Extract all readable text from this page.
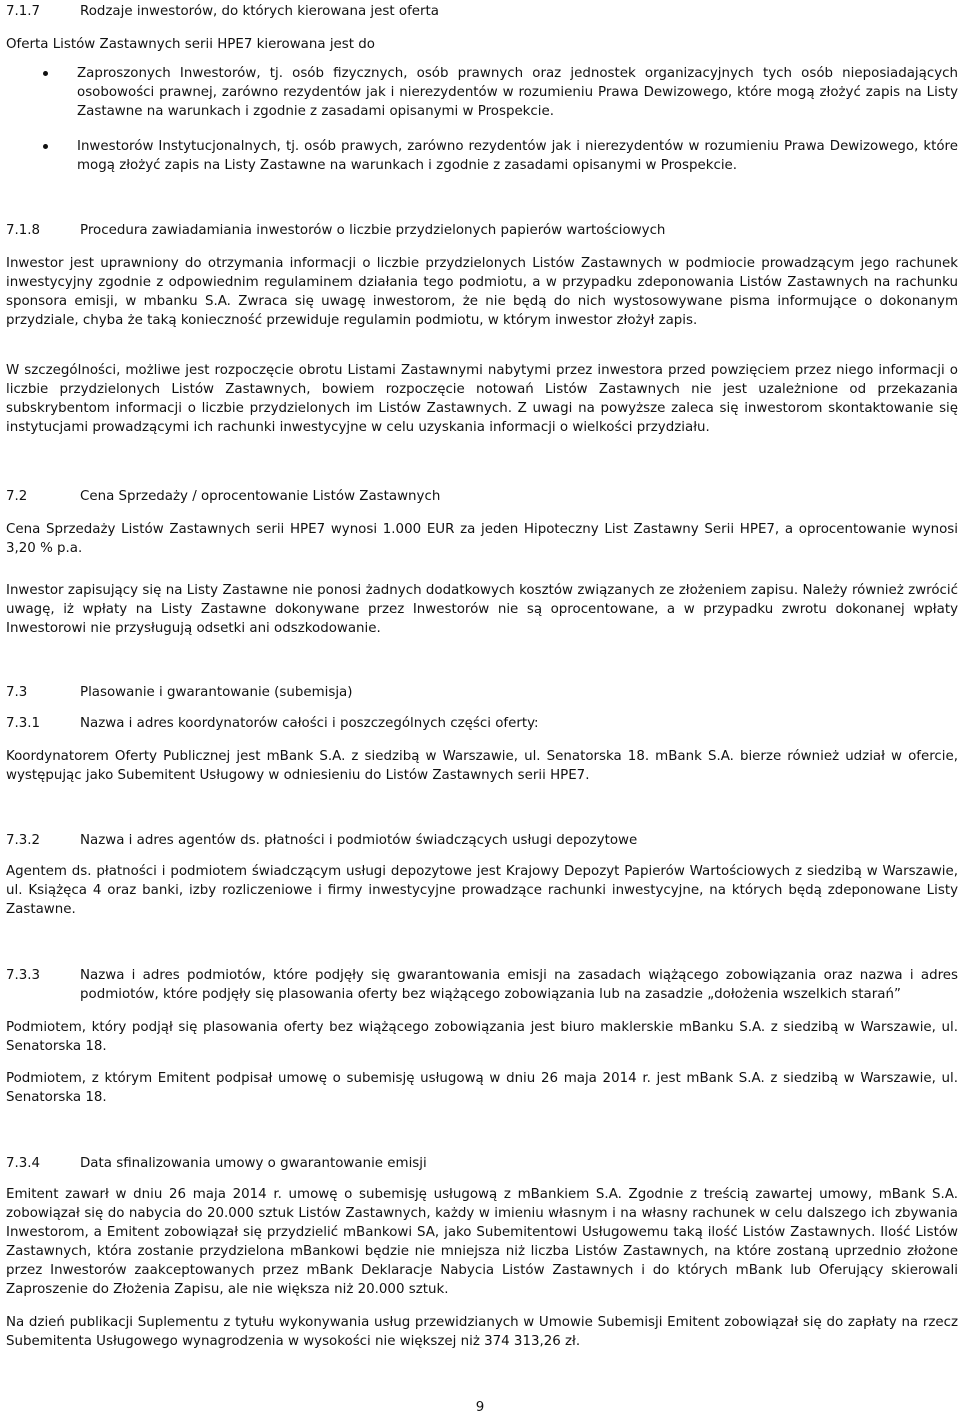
7.1.7	Rodzaje inwestorów, do których kierowana jest oferta

Oferta Listów Zastawnych serii HPE7 kierowana jest do

Zaproszonych Inwestorów, tj. osób fizycznych, osób prawnych oraz jednostek organizacyjnych tych osób nieposiadających osobowości prawnej, zarówno rezydentów jak i nierezydentów w rozumieniu Prawa Dewizowego, które mogą złożyć zapis na Listy Zastawne na warunkach i zgodnie z zasadami opisanymi w Prospekcie.
Inwestorów Instytucjonalnych, tj. osób prawych, zarówno rezydentów jak i nierezydentów w rozumieniu Prawa Dewizowego, które mogą złożyć zapis na Listy Zastawne na warunkach i zgodnie z zasadami opisanymi w Prospekcie.
7.1.8	Procedura zawiadamiania inwestorów o liczbie przydzielonych papierów wartościowych

Inwestor jest uprawniony do otrzymania informacji o liczbie przydzielonych Listów Zastawnych w podmiocie prowadzącym jego rachunek inwestycyjny zgodnie z odpowiednim regulaminem działania tego podmiotu, a w przypadku zdeponowania Listów Zastawnych na rachunku sponsora emisji, w mbanku S.A. Zwraca się uwagę inwestorom, że nie będą do nich wystosowywane pisma informujące o dokonanym przydziale, chyba że taką konieczność przewiduje regulamin podmiotu, w którym inwestor złożył zapis.

W szczególności, możliwe jest rozpoczęcie obrotu Listami Zastawnymi nabytymi przez inwestora przed powzięciem przez niego informacji o liczbie przydzielonych Listów Zastawnych, bowiem rozpoczęcie notowań Listów Zastawnych nie jest uzależnione od przekazania subskrybentom informacji o liczbie przydzielonych im Listów Zastawnych. Z uwagi na powyższe zaleca się inwestorom skontaktowanie się instytucjami prowadzącymi ich rachunki inwestycyjne w celu uzyskania informacji o wielkości przydziału.

7.2	Cena Sprzedaży / oprocentowanie Listów Zastawnych

Cena Sprzedaży Listów Zastawnych serii HPE7 wynosi 1.000 EUR za jeden Hipoteczny List Zastawny Serii HPE7, a oprocentowanie wynosi 3,20 % p.a.

Inwestor zapisujący się na Listy Zastawne nie ponosi żadnych dodatkowych kosztów związanych ze złożeniem zapisu. Należy również zwrócić uwagę, iż wpłaty na Listy Zastawne dokonywane przez Inwestorów nie są oprocentowane, a w przypadku zwrotu dokonanej wpłaty Inwestorowi nie przysługują odsetki ani odszkodowanie.

7.3	Plasowanie i gwarantowanie (subemisja)
7.3.1	Nazwa i adres koordynatorów całości i poszczególnych części oferty:

Koordynatorem Oferty Publicznej jest mBank S.A. z siedzibą w Warszawie, ul. Senatorska 18. mBank S.A. bierze również udział w ofercie, występując jako Subemitent Usługowy w odniesieniu do Listów Zastawnych serii HPE7.

7.3.2	Nazwa i adres agentów ds. płatności i podmiotów świadczących usługi depozytowe

Agentem ds. płatności i podmiotem świadczącym usługi depozytowe jest Krajowy Depozyt Papierów Wartościowych z siedzibą w Warszawie, ul. Książęca 4 oraz banki, izby rozliczeniowe i firmy inwestycyjne prowadzące rachunki inwestycyjne, na których będą zdeponowane Listy Zastawne.

7.3.3	Nazwa i adres podmiotów, które podjęły się gwarantowania emisji na zasadach wiążącego zobowiązania oraz nazwa i adres podmiotów, które podjęły się plasowania oferty bez wiążącego zobowiązania lub na zasadzie „dołożenia wszelkich starań”

Podmiotem, który podjął się plasowania oferty bez wiążącego zobowiązania jest biuro maklerskie mBanku S.A. z siedzibą w Warszawie, ul. Senatorska 18.

Podmiotem, z którym Emitent podpisał umowę o subemisję usługową w dniu 26 maja 2014 r. jest mBank S.A. z siedzibą w Warszawie, ul. Senatorska 18.

7.3.4	Data sfinalizowania umowy o gwarantowanie emisji

Emitent zawarł w dniu 26 maja 2014 r. umowę o subemisję usługową z mBankiem S.A. Zgodnie z treścią zawartej umowy, mBank S.A. zobowiązał się do nabycia do 20.000 sztuk Listów Zastawnych, każdy w imieniu własnym i na własny rachunek w celu dalszego ich zbywania Inwestorom, a Emitent zobowiązał się przydzielić mBankowi SA, jako Subemitentowi Usługowemu taką ilość Listów Zastawnych. Ilość Listów Zastawnych, która zostanie przydzielona mBankowi będzie nie mniejsza niż liczba Listów Zastawnych, na które zostaną uprzednio złożone przez Inwestorów zaakceptowanych przez mBank Deklaracje Nabycia Listów Zastawnych i do których mBank lub Oferujący skierowali Zaproszenie do Złożenia Zapisu, ale nie większa niż 20.000 sztuk.

Na dzień publikacji Suplementu z tytułu wykonywania usług przewidzianych w Umowie Subemisji Emitent zobowiązał się do zapłaty na rzecz Subemitenta Usługowego wynagrodzenia w wysokości nie większej niż 374 313,26 zł.

9
